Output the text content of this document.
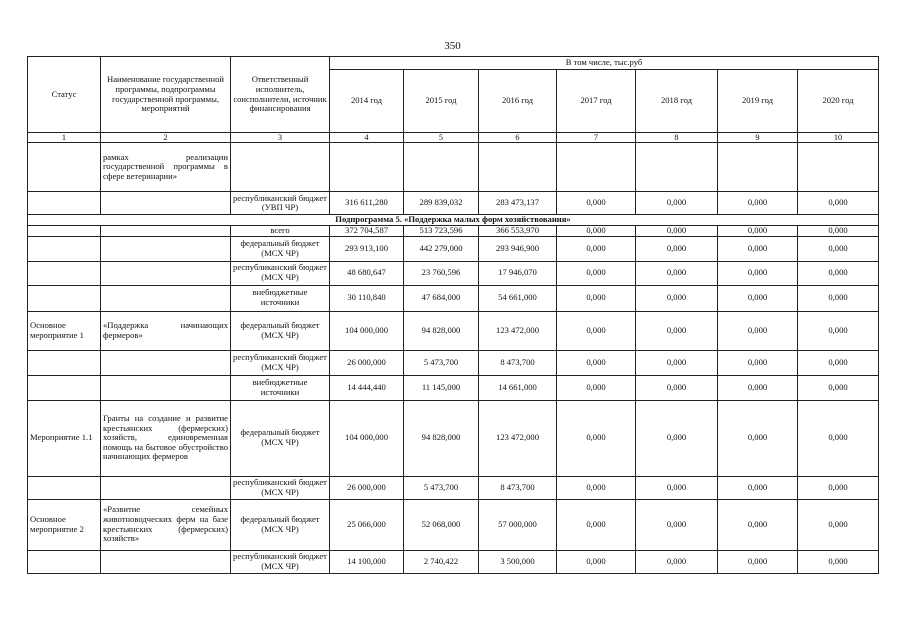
350
Статус	Наименование государственной программы, подпрограммы государственной программы, мероприятий	Ответственный исполнитель, соисполнители, источник финансирования	В том числе, тыс.руб						
			2014 год	2015 год	2016 год	2017 год	2018 год	2019 год	2020 год
1	2	3	4	5	6	7	8	9	10
	рамках реализации государственной программы в сфере ветеринарии»								
		республиканский бюджет (УВП ЧР)	316 611,280	289 839,032	283 473,137	0,000	0,000	0,000	0,000
Подпрограмма 5. «Поддержка малых форм хозяйствования»									
		всего	372 704,587	513 723,596	366 553,970	0,000	0,000	0,000	0,000
		федеральный бюджет (МСХ ЧР)	293 913,100	442 279,000	293 946,900	0,000	0,000	0,000	0,000
		республиканский бюджет (МСХ ЧР)	48 680,647	23 760,596	17 946,070	0,000	0,000	0,000	0,000
		внебюджетные источники	30 110,840	47 684,000	54 661,000	0,000	0,000	0,000	0,000
Основное мероприятие 1	«Поддержка начинающих фермеров»	федеральный бюджет (МСХ ЧР)	104 000,000	94 828,000	123 472,000	0,000	0,000	0,000	0,000
		республиканский бюджет (МСХ ЧР)	26 000,000	5 473,700	8 473,700	0,000	0,000	0,000	0,000
		внебюджетные источники	14 444,440	11 145,000	14 661,000	0,000	0,000	0,000	0,000
Мероприятие 1.1	Гранты на создание и развитие крестьянских (фермерских) хозяйств, единовременная помощь на бытовое обустройство начинающих фермеров	федеральный бюджет (МСХ ЧР)	104 000,000	94 828,000	123 472,000	0,000	0,000	0,000	0,000
		республиканский бюджет (МСХ ЧР)	26 000,000	5 473,700	8 473,700	0,000	0,000	0,000	0,000
Основное мероприятие 2	«Развитие семейных животноводческих ферм на базе крестьянских (фермерских) хозяйств»	федеральный бюджет (МСХ ЧР)	25 066,000	52 068,000	57 000,000	0,000	0,000	0,000	0,000
		республиканский бюджет (МСХ ЧР)	14 100,000	2 740,422	3 500,000	0,000	0,000	0,000	0,000
